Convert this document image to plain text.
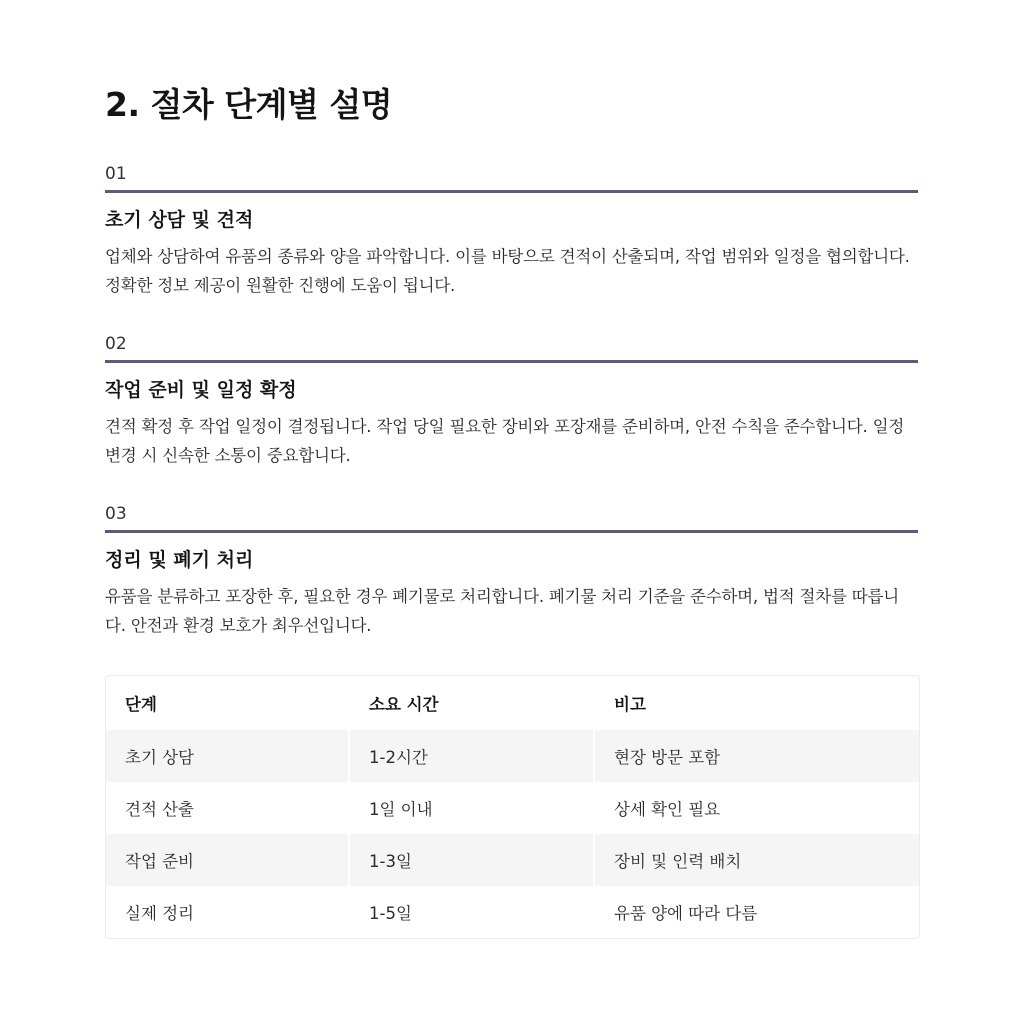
2. 절차 단계별 설명
01
초기 상담 및 견적
업체와 상담하여 유품의 종류와 양을 파악합니다. 이를 바탕으로 견적이 산출되며, 작업 범위와 일정을 협의합니다. 정확한 정보 제공이 원활한 진행에 도움이 됩니다.
02
작업 준비 및 일정 확정
견적 확정 후 작업 일정이 결정됩니다. 작업 당일 필요한 장비와 포장재를 준비하며, 안전 수칙을 준수합니다. 일정 변경 시 신속한 소통이 중요합니다.
03
정리 및 폐기 처리
유품을 분류하고 포장한 후, 필요한 경우 폐기물로 처리합니다. 폐기물 처리 기준을 준수하며, 법적 절차를 따릅니다. 안전과 환경 보호가 최우선입니다.
단계	소요 시간	비고
초기 상담	1-2시간	현장 방문 포함
견적 산출	1일 이내	상세 확인 필요
작업 준비	1-3일	장비 및 인력 배치
실제 정리	1-5일	유품 양에 따라 다름
